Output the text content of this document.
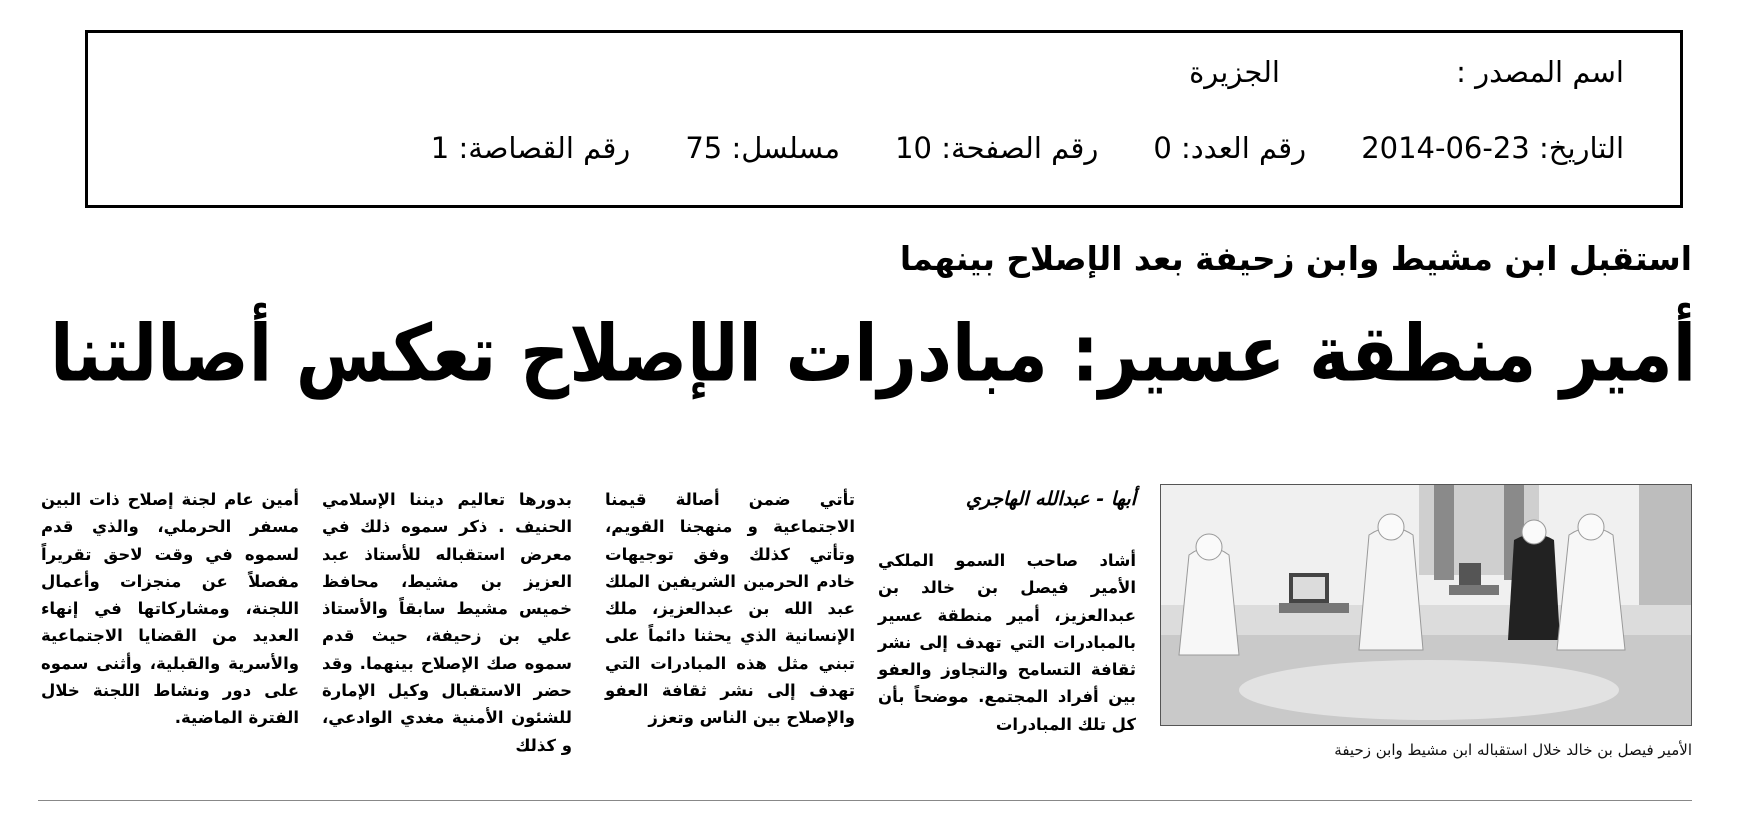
اسم المصدر :
الجزيرة
التاريخ: 2014-06-23
رقم العدد: 0
رقم الصفحة: 10
مسلسل: 75
رقم القصاصة: 1
استقبل ابن مشيط وابن زحيفة بعد الإصلاح بينهما
أمير منطقة عسير: مبادرات الإصلاح تعكس أصالتنا
الأمير فيصل بن خالد خلال استقباله ابن مشيط وابن زحيفة
أبها - عبدالله الهاجري

أشاد صاحب السمو الملكي الأمير فيصل بن خالد بن عبدالعزيز، أمير منطقة عسير بالمبادرات التي تهدف إلى نشر ثقافة التسامح والتجاوز والعفو بين أفراد المجتمع. موضحاً بأن كل تلك المبادرات

تأتي ضمن أصالة قيمنا الاجتماعية و منهجنا القويم، وتأتي كذلك وفق توجيهات خادم الحرمين الشريفين الملك عبد الله بن عبدالعزيز، ملك الإنسانية الذي يحثنا دائماً على تبني مثل هذه المبادرات التي تهدف إلى نشر ثقافة العفو والإصلاح بين الناس وتعزز

بدورها تعاليم ديننا الإسلامي الحنيف . ذكر سموه ذلك في معرض استقباله للأستاذ عبد العزيز بن مشيط، محافظ خميس مشيط سابقاً والأستاذ علي بن زحيفة، حيث قدم سموه صك الإصلاح بينهما. وقد حضر الاستقبال وكيل الإمارة للشئون الأمنية مغدي الوادعي، و كذلك

أمين عام لجنة إصلاح ذات البين مسفر الحرملي، والذي قدم لسموه في وقت لاحق تقريراً مفصلاً عن منجزات وأعمال اللجنة، ومشاركاتها في إنهاء العديد من القضايا الاجتماعية والأسرية والقبلية، وأثنى سموه على دور ونشاط اللجنة خلال الفترة الماضية.
